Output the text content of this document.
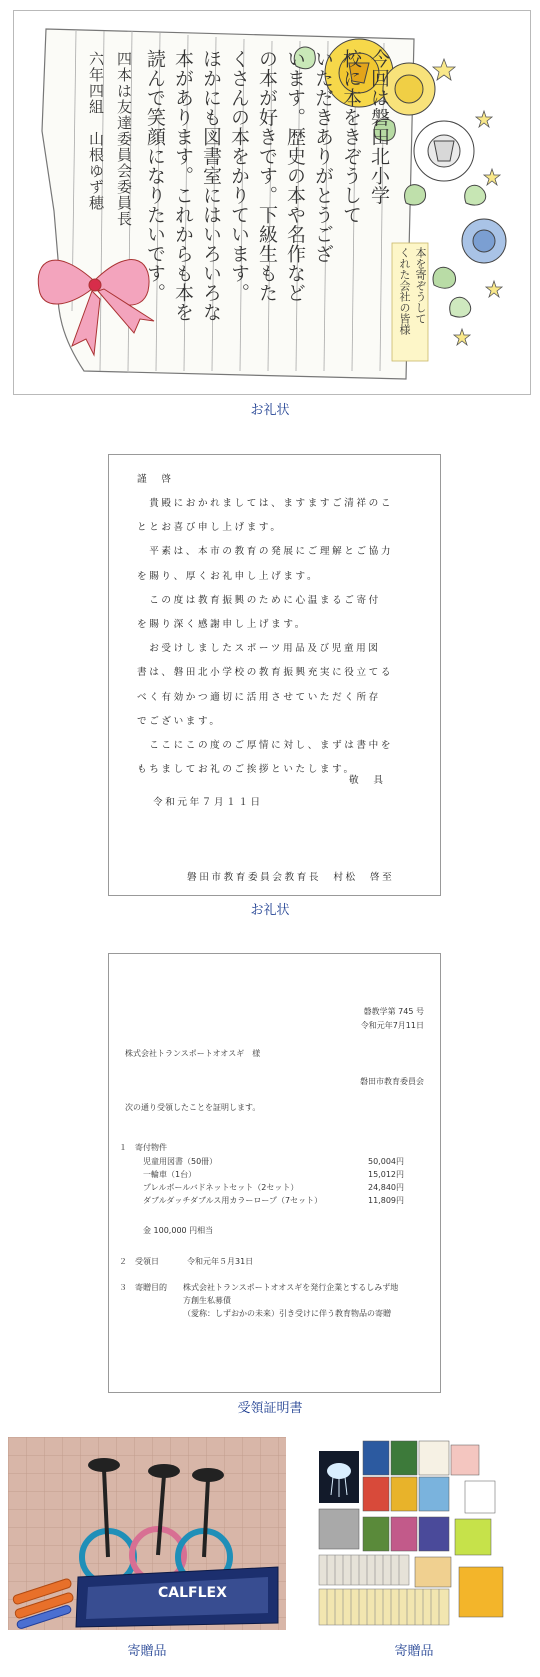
今回は磐田北小学
校に本をきぞうして
いただきありがとうござ
います。歴史の本や名作など
の本が好きです。下級生もた
くさんの本をかりています。
ほかにも図書室にはいろいろな
本があります。これからも本を
読んで笑顔になりたいです。
四本は友達委員会委員長
六年四組　山根ゆず穂
本を寄ぞうして
くれた会社の皆様
お礼状
謹　啓
　貴殿におかれましては、ますますご清祥のこ
ととお喜び申し上げます。
　平素は、本市の教育の発展にご理解とご協力
を賜り、厚くお礼申し上げます。
　この度は教育振興のために心温まるご寄付
を賜り深く感謝申し上げます。
　お受けしましたスポーツ用品及び児童用図
書は、磐田北小学校の教育振興充実に役立てる
べく有効かつ適切に活用させていただく所存
でございます。
　ここにこの度のご厚情に対し、まずは書中を
もちましてお礼のご挨拶といたします。
敬　具
令和元年７月１１日
磐田市教育委員会教育長　村松　啓至
お礼状
磐教学第 745 号
令和元年7月11日
株式会社トランスポートオオスギ　様
磐田市教育委員会
次の通り受領したことを証明します。
１　寄付物件
児童用図書（50冊）	50,004円
一輪車（1台）	15,012円
プレルボールバドネットセット（2セット）	24,840円
ダブルダッチダブルス用カラーロープ（7セット）	11,809円
金 100,000 円相当
２　受領日	令和元年５月31日
３　寄贈目的 株式会社トランスポートオオスギを発行企業とするしみず地
方創生私募債
（愛称：しずおかの未来）引き受けに伴う教育物品の寄贈
受領証明書
CALFLEX
寄贈品	寄贈品
